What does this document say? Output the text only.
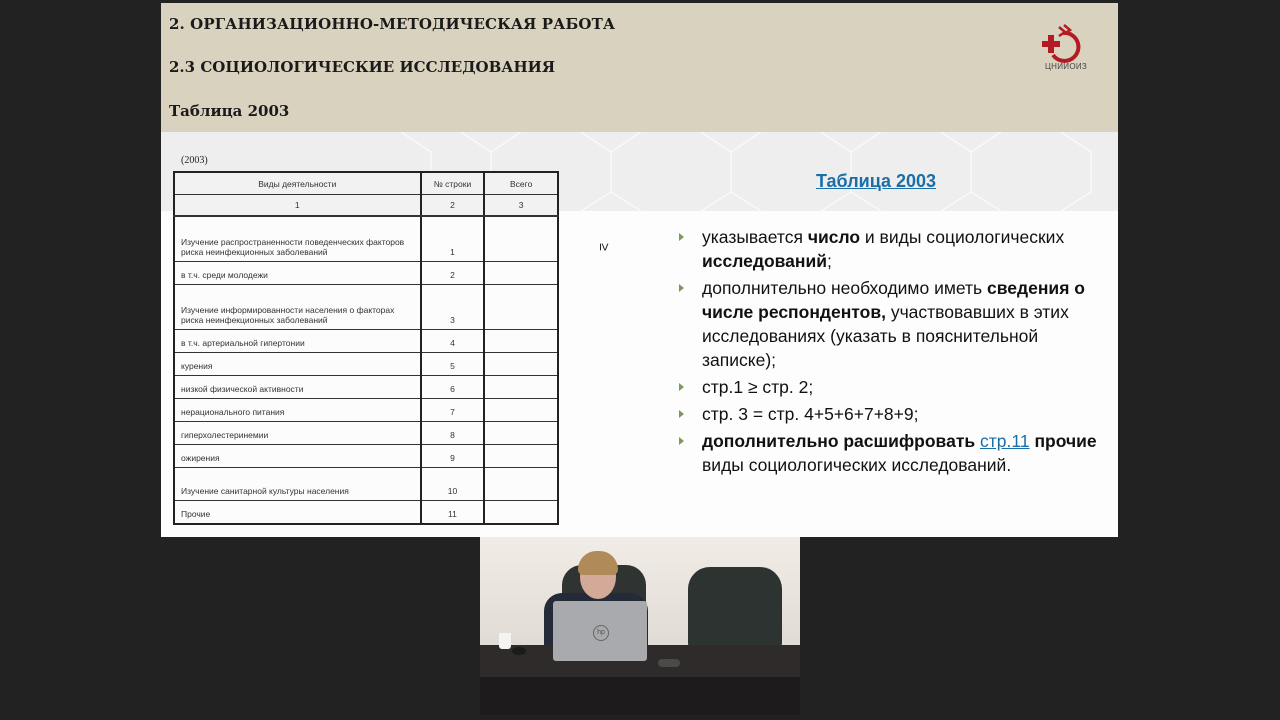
2. ОРГАНИЗАЦИОННО-МЕТОДИЧЕСКАЯ РАБОТА
2.3 СОЦИОЛОГИЧЕСКИЕ ИССЛЕДОВАНИЯ
Таблица 2003
ЦНИИОИЗ
(2003)
Виды деятельности	№ строки	Всего
1	2	3
Изучение распространенности поведенческих факторов риска неинфекционных заболеваний	1	
в т.ч. среди молодежи	2	
Изучение информированности населения о факторах риска неинфекционных заболеваний	3	
в т.ч. артериальной гипертонии	4	
курения	5	
низкой физической активности	6	
нерационального питания	7	
гиперхолестеринемии	8	
ожирения	9	
Изучение санитарной культуры населения	10	
Прочие	11	
Таблица 2003
≥	указывается число и виды социологических исследований;
дополнительно необходимо иметь сведения о числе респондентов, участвовавших в этих исследованиях (указать в пояснительной записке);
стр.1 ≥ стр. 2;
стр. 3 = стр. 4+5+6+7+8+9;
дополнительно расшифровать стр.11 прочие виды социологических исследований.
hp
